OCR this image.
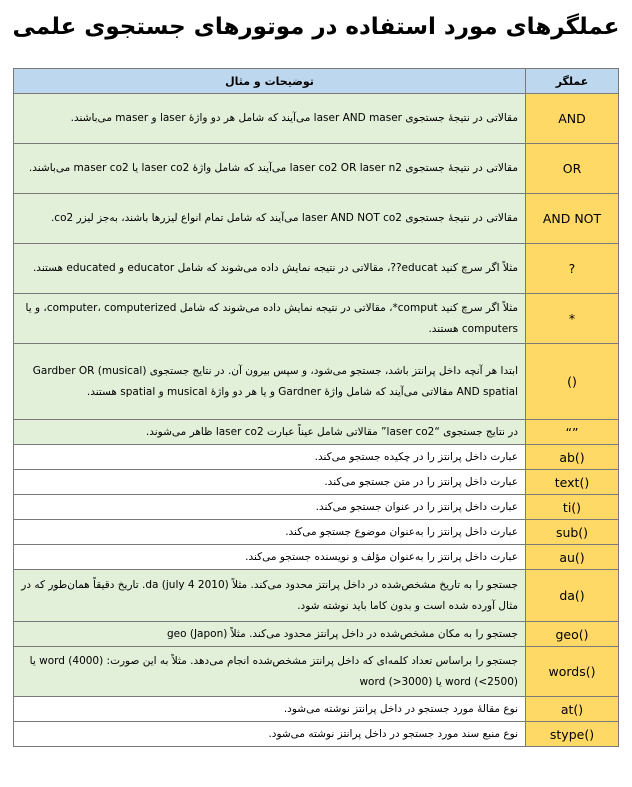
عملگرهای مورد استفاده در موتورهای جستجوی علمی
عملگر	توضیحات و مثال
AND	مقالاتی در نتیجهٔ جستجوی laser AND maser می‌آیند که شامل هر دو واژهٔ laser و maser می‌باشند.
OR	مقالاتی در نتیجهٔ جستجوی laser co2 OR laser n2 می‌آیند که شامل واژهٔ laser co2 یا maser co2 می‌باشند.
AND NOT	مقالاتی در نتیجهٔ جستجوی laser AND NOT co2 می‌آیند که شامل تمام انواع لیزرها باشند، به‌جز لیزر co2.
?	مثلاً اگر سرچ کنید educat??، مقالاتی در نتیجه نمایش داده می‌شوند که شامل educator و educated هستند.
*	مثلاً اگر سرچ کنید comput*، مقالاتی در نتیجه نمایش داده می‌شوند که شامل computer، computerized، و یا computers هستند.
()	ابتدا هر آنچه داخل پرانتز باشد، جستجو می‌شود، و سپس بیرون آن. در نتایج جستجوی (Gardber OR (musical AND spatial مقالاتی می‌آیند که شامل واژهٔ Gardner و یا هر دو واژهٔ musical و spatial هستند.
“”	در نتایج جستجوی “laser co2” مقالاتی شامل عیناً عبارت laser co2 ظاهر می‌شوند.
ab()	عبارت داخل پرانتز را در چکیده جستجو می‌کند.
text()	عبارت داخل پرانتز را در متن جستجو می‌کند.
ti()	عبارت داخل پرانتز را در عنوان جستجو می‌کند.
sub()	عبارت داخل پرانتز را به‌عنوان موضوع جستجو می‌کند.
au()	عبارت داخل پرانتز را به‌عنوان مؤلف و نویسنده جستجو می‌کند.
da()	جستجو را به تاریخ مشخص‌شده در داخل پرانتز محدود می‌کند. مثلاً (da (july 4 2010. تاریخ دقیقاً همان‌طور که در مثال آورده شده است و بدون کاما باید نوشته شود.
geo()	جستجو را به مکان مشخص‌شده در داخل پرانتز محدود می‌کند. مثلاً (geo (Japon
words()	جستجو را براساس تعداد کلمه‌ای که داخل پرانتز مشخص‌شده انجام می‌دهد. مثلاً به این صورت: (word (4000 یا (word (<2500 یا (word (>3000
at()	نوع مقالهٔ مورد جستجو در داخل پرانتز نوشته می‌شود.
stype()	نوع منبع سند مورد جستجو در داخل پرانتز نوشته می‌شود.
